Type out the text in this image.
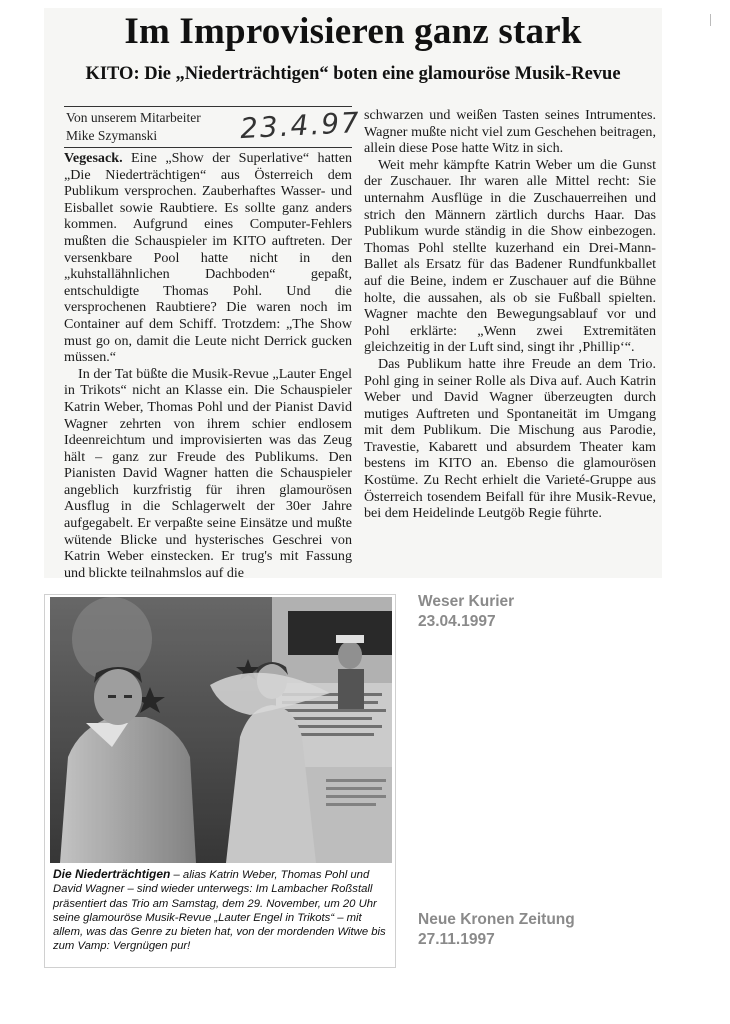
Im Improvisieren ganz stark
KITO: Die „Niederträchtigen“ boten eine glamouröse Musik-Revue
Von unserem Mitarbeiter
Mike Szymanski	23.4.97

Vegesack. Eine „Show der Superlative“ hatten „Die Niederträchtigen“ aus Österreich dem Publikum versprochen. Zauberhaftes Wasser- und Eisballet sowie Raubtiere. Es sollte ganz anders kommen. Aufgrund eines Computer-Fehlers mußten die Schauspieler im KITO auftreten. Der versenkbare Pool hatte nicht in den „kuhstallähnlichen Dachboden“ gepaßt, entschuldigte Thomas Pohl. Und die versprochenen Raubtiere? Die waren noch im Container auf dem Schiff. Trotzdem: „The Show must go on, damit die Leute nicht Derrick gucken müssen.“

In der Tat büßte die Musik-Revue „Lauter Engel in Trikots“ nicht an Klasse ein. Die Schauspieler Katrin Weber, Thomas Pohl und der Pianist David Wagner zehrten von ihrem schier endlosem Ideenreichtum und improvisierten was das Zeug hält – ganz zur Freude des Publikums. Den Pianisten David Wagner hatten die Schauspieler angeblich kurzfristig für ihren glamourösen Ausflug in die Schlagerwelt der 30er Jahre aufgegabelt. Er verpaßte seine Einsätze und mußte wütende Blicke und hysterisches Geschrei von Katrin Weber einstecken. Er trug's mit Fassung und blickte teilnahmslos auf die

schwarzen und weißen Tasten seines Intrumentes. Wagner mußte nicht viel zum Geschehen beitragen, allein diese Pose hatte Witz in sich.

Weit mehr kämpfte Katrin Weber um die Gunst der Zuschauer. Ihr waren alle Mittel recht: Sie unternahm Ausflüge in die Zuschauerreihen und strich den Männern zärtlich durchs Haar. Das Publikum wurde ständig in die Show einbezogen. Thomas Pohl stellte kuzerhand ein Drei-Mann-Ballet als Ersatz für das Badener Rundfunkballet auf die Beine, indem er Zuschauer auf die Bühne holte, die aussahen, als ob sie Fußball spielten. Wagner machte den Bewegungsablauf vor und Pohl erklärte: „Wenn zwei Extremitäten gleichzeitig in der Luft sind, singt ihr ‚Phillip‘“.

Das Publikum hatte ihre Freude an dem Trio. Pohl ging in seiner Rolle als Diva auf. Auch Katrin Weber und David Wagner überzeugten durch mutiges Auftreten und Spontaneität im Umgang mit dem Publikum. Die Mischung aus Parodie, Travestie, Kabarett und absurdem Theater kam bestens im KITO an. Ebenso die glamourösen Kostüme. Zu Recht erhielt die Varieté-Gruppe aus Österreich tosendem Beifall für ihre Musik-Revue, bei dem Heidelinde Leutgöb Regie führte.

Weser Kurier
23.04.1997
Die Niederträchtigen – alias Katrin Weber, Thomas Pohl und David Wagner – sind wieder unterwegs: Im Lambacher Roßstall präsentiert das Trio am Samstag, dem 29. November, um 20 Uhr seine glamouröse Musik-Revue „Lauter Engel in Trikots“ – mit allem, was das Genre zu bieten hat, von der mordenden Witwe bis zum Vamp: Vergnügen pur!
Neue Kronen Zeitung
27.11.1997
